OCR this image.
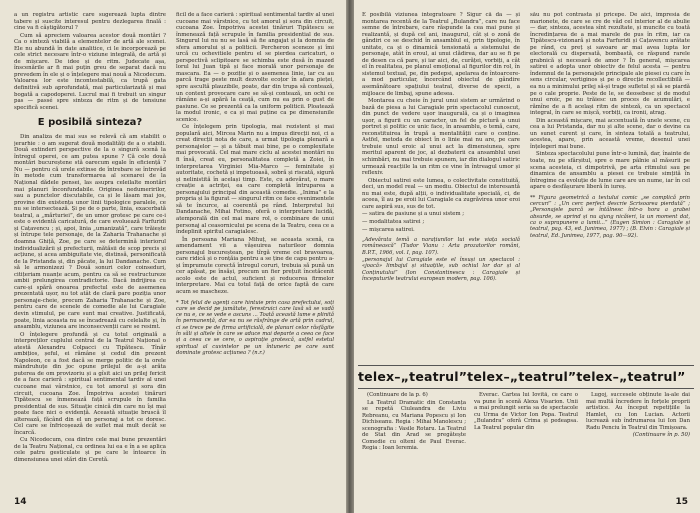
a un registru artistic care sugerează lupta dintre tabere și suscite interesul pentru dezlegarea finală : cine va fi câștigătorul ?

Cum să apreciem valoarea acestor două montări ? Ca o sinteză viabilă a elementelor de artă ale scenei. Ele nu abundă în date analitice, ci le incorporează pe cele strict necesare într-o viziune integrală, de artă și de mișcare. De idee și de ritm. Judecate așa, înscenările ar fi mai puțin greu de separat dacă nu prevedem în ele și o înțelegere mai nouă a Nicodecum. Valoarea lor este incontestabilă, ca trupă gata definitivă sub aprofundată, mai particularizată și mai bogată a capodoperei. Lucrul mai fi trebuit un singur pas — passé spre sinteza de ritm și de tensiune specifică scenei.

E posibilă sinteza?

Din analiza de mai sus se relevă că am stabilit o jerarhie : o am sugerat două modalități de a o stabili. Două extinderi perspective de la o singură scenă la întregul operei, ce am putea spune ? Că cele două montări bucureștene stă oarecum egale în eficiență ? Nu — pentru că urele extinse de întrebare se întrevăd în metode cum transformarea al scenarei de la Național dădele pensei, las asupra celeilalte montări mai planuri înconfundabile. Originea nedumeririlor, sau a punctelor discutabile, ca și le lăsam mai jos, provine din existența unor linii tipologice paralele, ce nu se intersectează. Și pe de o parte, linia, exacerbată teatral, a „mărturiei”, de un umor grotesc pe care ce-i este o evidentă caricatură, de care evoluează Farfuridi și Cațavencu ; și, apoi, linia „umanizată”, care trăiește și întrupe tele personaje, de la Zaharia Trahanache și doamna Ghiță, Zoe, pe care se determină interiorul individualizării și prefecturii, mătăsii de scop precis și acțiune, și acea ambiguitate vie, distinsă, personificată de la Pristanda și, din păcate, la lui Dandanache. Cum să le armonizezi ? Două sonuri celor coinseduri, citițeriam nuanțe acum, pentru ca să se restructureze ambii prelungirea contradictorie. Dacă indrijirea cu care-și spără onoarea prefectul este de asemenea prezentată ușor, nu tot atât de clară pare poziția unor personaje-cheie, precum Zaharia Trahanache și Zoe, pentru care de scenele de comedie ale lui Caragiale devin stimulul, pe care sunt mai creative. Justificată, poate, linia aceasta nu se încadrează cu celelalte și, în ansamblu, viziunea are inconsecvenții care se resimt.

O înțelegere profundă și cu totul originală a interpreților cuplului central de la Teatrul Național o atestă Alexandru Colpacci cu Tipătescu. Tînăr ambițios, șeful, ei rămâne și cedul din prezent Napoleon, ce a fost dacă se merge politic de la orele mândruhuțe din joc opune prilejul de a-și arăta puterea de om provizoriu și a gîsit aici un prilej fericit de a face carieră : spiritual sentimental tardiv al unei cucoane mai vârstnice, cu tot amorul și sora din circuit, cucoana Zoe. Împotriva acestei tinăruri Tipătescu se înmenează față scrupule în familia presidential de sus. Situație cinică din care nu își mai poate face nici o evidență. Această situație bruscă îl alterează, făcând din el un personaj a tot ce doresc. Cel care se înfricoșează de suflet mai mult decât se încarcă.

Cu Nicodecum, cea dintre cele mai bune prezentări de la Teatru Național, cu ordinea lui ea e în a se aplica cele patru gesticulate și pe care le întoarce în dimensiunea unei stări din Ceretă.

ficil de a face carieră : spiritual sentimental tardiv al unei cucoane mai vârstnice, cu tot amorul și sora din circuit, cucoana Zoe. Împotriva acestei tinăruri Tipătescu se înmenează față scrupule în familia presidential de sus. Singurul lui nu nu se lasă să fie angajat și la domnia de sfera amorului și a politicii. Percheron sceneze și îmi urcă cu ochevitiele pentru el se pierdea caricaturi, o perspectivă sclipitoare se schimba este dusă în mazed lorul lui Juan tipă și face morală unor personaje de mascara. Ea — o poziție și o asemenea linie, iar cu au parcă trage peste mult dezvolte ecoțor în afara pieței, spre ascultă plauzibile, poate, dar din trupa să contează, un context provocare care se să-și contează, un ochi ce rămâne a-și apără la ceață, cum nu ea prin o gust de pasiune. Ce se prezentă ca la uniform politicii. Ploatează la modul ironic, e ca și mai puține ca pe dimensiunile scenice.

Ce înțelegem prin tipologia, mai rezistent și mai populară aici, Mircea Marin nu a impus direcții noi, ci a creat direcții nota de care, a urmat tipologia plenară a personajelor — și a tăbuit mai bine, pe o complexitate mai provocată. Cel mai mare ciclu al acestei montări nu fi însă, creat eu, personalitatea completă a Zoiei, în interpretarea Virginiei Mia-Marco — feminitate și autoritate, cochetă și impetuoasă, sobră și riscată, sigură și nelinistită în același timp. Este, cu adevărat, o mare creație a actriței, ea care completă întruparea a personajului principal din această comedie. „Inima” e la propria și la figurat — singurul ritm ce face evenimentele să te încurce, ai coerentă pe rând. Interpretul lui Dandanache, Mihai Fotino, oferă o interpretare lucidă, atemporală din cel mai mare rol, o combinare de unui personaj al ceasornicului pe scena de la Teatru, ceea ce a îndeplinit spiritul caragialesc.

În persoana Mariana Mihuț, se aceasta scenă, ca amendament vii a vășeuirea naturileor domnia personajul bucureștean, pe tîrgă vreme cel bravoarea, care ridică și o ronțăia pentru a se ține de capu pentru a-și împrumute corectă întregul coruri, trebuia să pună un cer apăsat, pe însăși, precum un fier prețuit încetăcenit acolo este de actul, suficient și reducerea firmelor interpretare. Mai cu totul față de orice faptă de care acum se mascheze.

* Tot felul de agenți care hintuie prin casa prefectului, soți care se decid pe jumătate, ferestruici care lasă să se vadă ce nu e, ce se vede e ascuns ... Toată această lume e plinită în permanență, dar ea nu se răsfrânge de artă prin cadrul, ci se trece pe de firma artificială, de planuri celor răsfăgite în săli și altele în care se aduce mai departe a ceea ce face și a ceea ce se cere, o aspirație grotescă, astfel estetul spiritual al cuvintelor pe un întuneric pe care sunt dominate grotesc acțiunea ? (n.r.)

14

E posibilă viziunea integratoare ? Sigur că da — și montarea recentă de la Teatrul „Bulandra”, care nu face semne de întrebare, care răspunde la cea mai pune și realizantă, și după cel ani, inaugurul, cât și o zonă de gândiri ce se deschid în ansamblul ei, prin tipologie, în unitate, ca și o dinamică tensionată a sistemului de personaje, atât în eroul, ai unui clădirea, dar au se fi pe de desen ca că pare, și iar aici, de, curăței, vorbiți, a cât el în realitatea, pe planul emoțional al figurilor din rol, în sistemul textual, pe, din pedepsi, apelarea de întoarcere-a mod particular, încercând obiectul de gândire asemănătoare spațiului teatral, diverse de specii, a mijloace de limbaj, spune adesea.

Montarea cu cheie în jurul unui sistem ar urmărind o bază de piesa a lui Caragiale prin spectacolul cunoscut, din punct de vedere ușor inaugurală, ca și o imaginea ușor, a figurii cu un caracter, un fel de pictură a unui portret și politic ce unic face, în ansamblu, o temă, care, reconstituirea în trupă a mentalității care o conține. Astfel, metoda de obiect în o linie mai nu are, pe care trebuie unul eroic al unui act la dimensiunea, spre meritul aparent de joc, al dezbaterii ca ansamblul unei schimbări, nu mai trebuie spunem, iar din dialogul satiric urmează reacțiile la un ritm ce vine în întreagul umor și reflexiv.

Obiectul satirei este lumea, o colectivitate constituită, deci, un model real — un mediu. Obiectul de interesantă nu mai este, după alții, o individualitate specială, ci, de aceea, îl au pe eroii lui Caragiale ca zugrăvirea unor eroi care aspiră sus, sus de tot.

— satira de pasiune și a unui sistem ;

— modalitatea satirei ;

— mișcarea satirei.

„Adevărata temă a narațiunilor lui este viața socială românească” (Tudor Vianu : Arta prozatorilor români, B.P.T., 1966, vol. I, pag. 107).

„personajul lui Caragiale este el însuși un spectacol : «joacă» limbajul și situațiile, sub ochiul lor dar și al Conținutului” (Ion Constantinescu : Caragiale și începuturile teatrului european modern, pag. 106).

său nu pot contrasta și pricepe. De aici, impresia de marionete, de care se cre de văd cel interior al de abulie — dar, sinteza, acestea sînt rezultate, și muncite cu toată încredințarea de a mai marele de pus în ritm, iar ca Tipătescu-vizionară și nota Farfuridi și Cațavencu arătate pe rând, cu preț și savoare ar mai avea lupta lor electorală cu dispersată, bombastă, ce răspund rarele grabnică și necesară de amor ? În general, mișcarea satirei e adopta unor obiectiv de felul acesta — pentru îndemnul de la personajele principale ale piesei cu care în sens circular, vertiginos și pe o direcție recollectibilă — ea nu a minimului prilej să-și trage sufletul și să se piardă pe o cale proprie. Peste de le, se deosebesc și de modul unui eroic, pe nu trăiesc un proces de acumulări, e rămîne de a fi același ritm de sinteză, ca un spectacol integral, în care se mișcă, vorbiți, ca ironii, atrag.

Din această mișcare, mai accentuată în unele scene, cu cea a lui Pristanda, dar nu și alte scene, dar o devine ca un sunet curent și care, în sinteza totală a teatrului, acestea, apare, prin această vreme, desenul unei înțelegeri mai bune.

Sinteza spectacolului pune într-o lumină, dar, înainte de toate, nu pe sfârșitul, spre o mare pâlnie al măsurii pe scena acesteia, ci dimpotrivă, pe arta ritmului sau pe dinamica de ansamblu a piesei ce trebuie simțită în întregime ca evoluție de lume care are un nume, iar în cel apare o desfășurare liberă în iureș.

** Figura geometrică a textului comic „se complică prin cercuri” : „Un cerc perfect descrie Scrisoarea pierdută” ; „Personajele parcă se întâlnesc într-o hora a grabei absurde, se aprind și nu ajung nicăieri, la un moment dat, ca o suprapunere a lumii...” (Eugen Simion : Caragiale și teatrul, pag. 43, ed. Junimea, 1977) ; (B. Elvin : Caragiale și teatrul, Ed. Junimea, 1977, pag. 90—92).

telex–„teatrul”telex–„teatrul”telex–„teatrul”

(Continuare de la p. 6)

La Teatrul Dramatic din Constanța se repetă Ciuleandra de Liviu Rebreanu, cu Mariana Popescu și Ion Dichiseanu. Regia : Mihai Manolescu ; scenografia : Vasile Rotaru. La Teatrul de Stat din Arad se pregătește Comedie cu olteni de Paul Everac. Regia : Ioan Ieremia.

Everac. Cartea lui Iovită, ce care o va pune în scenă Alexa Visarion. Unii a mai prelungit seria sa de spectacole cu Urma de Victor Ion Popa. Teatrul „Bulandra” oferă Crima și pedeapsa. La Teatrul popular din

Lugoj, succesele obținute la-ale dai mai multă încredere în forțele proprii artistice. Au început repetițiile la Hamlet, cu Ion Lucian. Actorii lucrează sub îndrumarea lui Ion Dan Radu Penciu în Teatrul din Timișoara.

(Continuare în p. 50)

15
